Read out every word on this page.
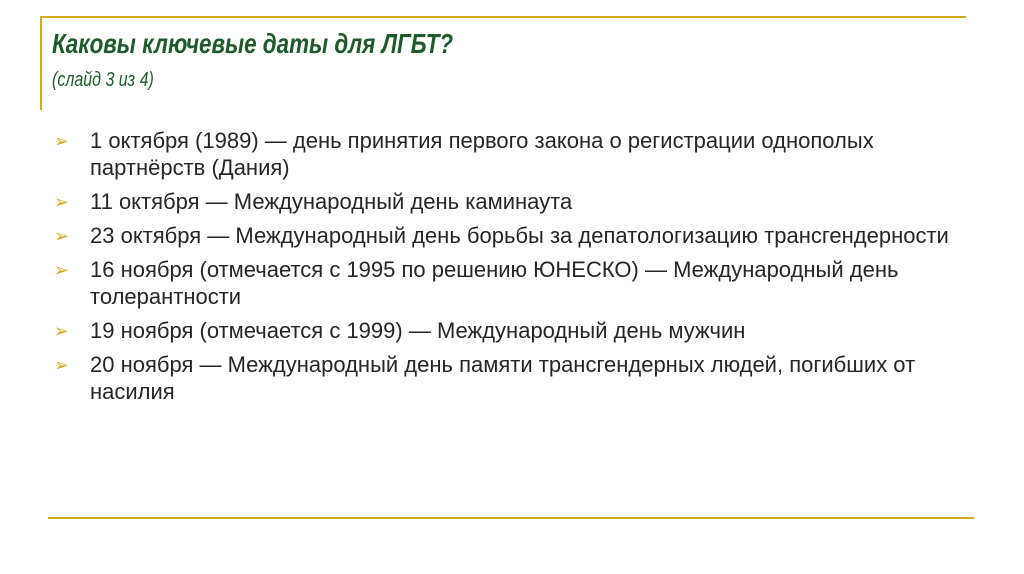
Каковы ключевые даты для ЛГБТ?
(слайд 3 из 4)
➢ 1 октября (1989) — день принятия первого закона о регистрации однополых партнёрств (Дания)
➢ 11 октября — Международный день каминаута
➢ 23 октября — Международный день борьбы за депатологизацию трансгендерности
➢ 16 ноября (отмечается с 1995 по решению ЮНЕСКО) — Международный день толерантности
➢ 19 ноября (отмечается с 1999) — Международный день мужчин
➢ 20 ноября — Международный день памяти трансгендерных людей, погибших от насилия
